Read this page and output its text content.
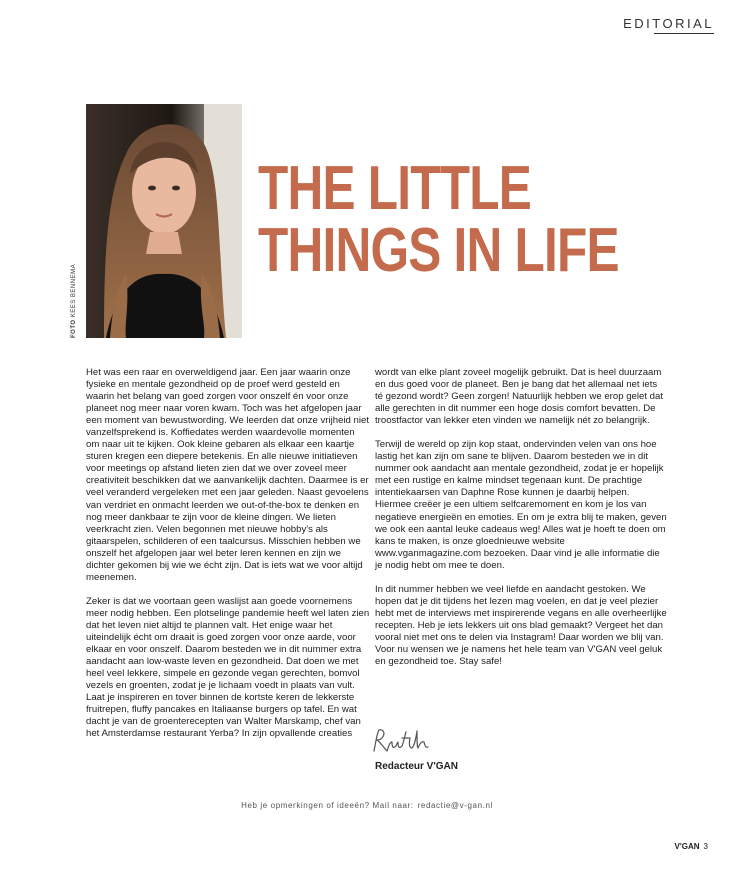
EDITORIAL
FOTO KEES BENNEMA
THE LITTLE
THINGS IN LIFE

Het was een raar en overweldigend jaar. Een jaar waarin onze fysieke en mentale gezondheid op de proef werd gesteld en waarin het belang van goed zorgen voor onszelf én voor onze planeet nog meer naar voren kwam. Toch was het afgelopen jaar een moment van bewustwording. We leerden dat onze vrijheid niet vanzelfsprekend is. Koffiedates werden waardevolle momenten om naar uit te kijken. Ook kleine gebaren als elkaar een kaartje sturen kregen een diepere betekenis. En alle nieuwe initiatieven voor meetings op afstand lieten zien dat we over zoveel meer creativiteit beschikken dat we aanvankelijk dachten. Daarmee is er veel veranderd vergeleken met een jaar geleden. Naast gevoelens van verdriet en onmacht leerden we out-of-the-box te denken en nog meer dankbaar te zijn voor de kleine dingen. We lieten veerkracht zien. Velen begonnen met nieuwe hobby's als gitaarspelen, schilderen of een taalcursus. Misschien hebben we onszelf het afgelopen jaar wel beter leren kennen en zijn we dichter gekomen bij wie we écht zijn. Dat is iets wat we voor altijd meenemen.

Zeker is dat we voortaan geen waslijst aan goede voornemens meer nodig hebben. Een plotselinge pandemie heeft wel laten zien dat het leven niet altijd te plannen valt. Het enige waar het uiteindelijk écht om draait is goed zorgen voor onze aarde, voor elkaar en voor onszelf. Daarom besteden we in dit nummer extra aandacht aan low-waste leven en gezondheid. Dat doen we met heel veel lekkere, simpele en gezonde vegan gerechten, bomvol vezels en groenten, zodat je je lichaam voedt in plaats van vult. Laat je inspireren en tover binnen de kortste keren de lekkerste fruitrepen, fluffy pancakes en Italiaanse burgers op tafel. En wat dacht je van de groenterecepten van Walter Marskamp, chef van het Amsterdamse restaurant Yerba? In zijn opvallende creaties

wordt van elke plant zoveel mogelijk gebruikt. Dat is heel duurzaam en dus goed voor de planeet. Ben je bang dat het allemaal net iets té gezond wordt? Geen zorgen! Natuurlijk hebben we erop gelet dat alle gerechten in dit nummer een hoge dosis comfort bevatten. De troostfactor van lekker eten vinden we namelijk nét zo belangrijk.

Terwijl de wereld op zijn kop staat, ondervinden velen van ons hoe lastig het kan zijn om sane te blijven. Daarom besteden we in dit nummer ook aandacht aan mentale gezondheid, zodat je er hopelijk met een rustige en kalme mindset tegenaan kunt. De prachtige intentiekaarsen van Daphne Rose kunnen je daarbij helpen. Hiermee creëer je een ultiem selfcaremoment en kom je los van negatieve energieën en emoties. En om je extra blij te maken, geven we ook een aantal leuke cadeaus weg! Alles wat je hoeft te doen om kans te maken, is onze gloednieuwe website www.vganmagazine.com bezoeken. Daar vind je alle informatie die je nodig hebt om mee te doen.

In dit nummer hebben we veel liefde en aandacht gestoken. We hopen dat je dit tijdens het lezen mag voelen, en dat je veel plezier hebt met de interviews met inspirerende vegans en alle overheerlijke recepten. Heb je iets lekkers uit ons blad gemaakt? Vergeet het dan vooral niet met ons te delen via Instagram! Daar worden we blij van. Voor nu wensen we je namens het hele team van V'GAN veel geluk en gezondheid toe. Stay safe!

Redacteur V'GAN
Heb je opmerkingen of ideeën? Mail naar: redactie@v-gan.nl
V'GAN 3
